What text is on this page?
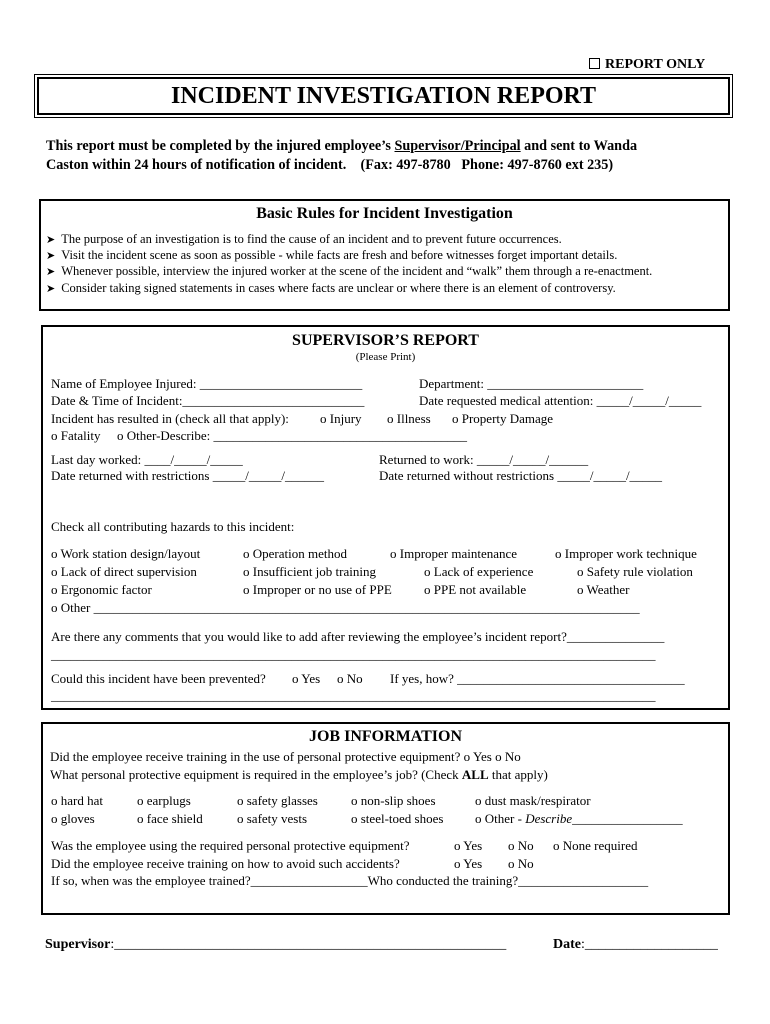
REPORT ONLY
INCIDENT INVESTIGATION REPORT
This report must be completed by the injured employee’s Supervisor/Principal and sent to Wanda
Caston within 24 hours of notification of incident.    (Fax: 497-8780   Phone: 497-8760 ext 235)
Basic Rules for Incident Investigation
➤ The purpose of an investigation is to find the cause of an incident and to prevent future occurrences.
➤ Visit the incident scene as soon as possible - while facts are fresh and before witnesses forget important details.
➤ Whenever possible, interview the injured worker at the scene of the incident and “walk” them through a re-enactment.
➤ Consider taking signed statements in cases where facts are unclear or where there is an element of controversy.
SUPERVISOR’S REPORT
(Please Print)
Name of Employee Injured: _________________________	Department: ________________________
Date & Time of Incident:____________________________	Date requested medical attention: _____/_____/_____
Incident has resulted in (check all that apply): o Injury o Illness o Property Damage
o Fatality o Other-Describe: _______________________________________
Last day worked: ____/_____/_____	Returned to work: _____/_____/______
Date returned with restrictions _____/_____/______	Date returned without restrictions _____/_____/_____
Check all contributing hazards to this incident:
o Work station design/layout	o Operation method	o Improper maintenance	o Improper work technique
o Lack of direct supervision	o Insufficient job training	o Lack of experience	o Safety rule violation
o Ergonomic factor	o Improper or no use of PPE o PPE not available	o Weather
o Other ____________________________________________________________________________________
Are there any comments that you would like to add after reviewing the employee’s incident report?_______________
_____________________________________________________________________________________________
Could this incident have been prevented? o Yes o No If yes, how? ___________________________________
_____________________________________________________________________________________________
JOB INFORMATION
Did the employee receive training in the use of personal protective equipment? o Yes o No
What personal protective equipment is required in the employee’s job? (Check ALL that apply)
o hard hat	o earplugs	o safety glasses	o non-slip shoes	o dust mask/respirator
o gloves	o face shield	o safety vests	o steel-toed shoes o Other - Describe_________________
Was the employee using the required personal protective equipment?	o Yes o No o None required
Did the employee receive training on how to avoid such accidents?	o Yes o No
If so, when was the employee trained?__________________Who conducted the training?____________________
Supervisor:________________________________________________________	Date:___________________
